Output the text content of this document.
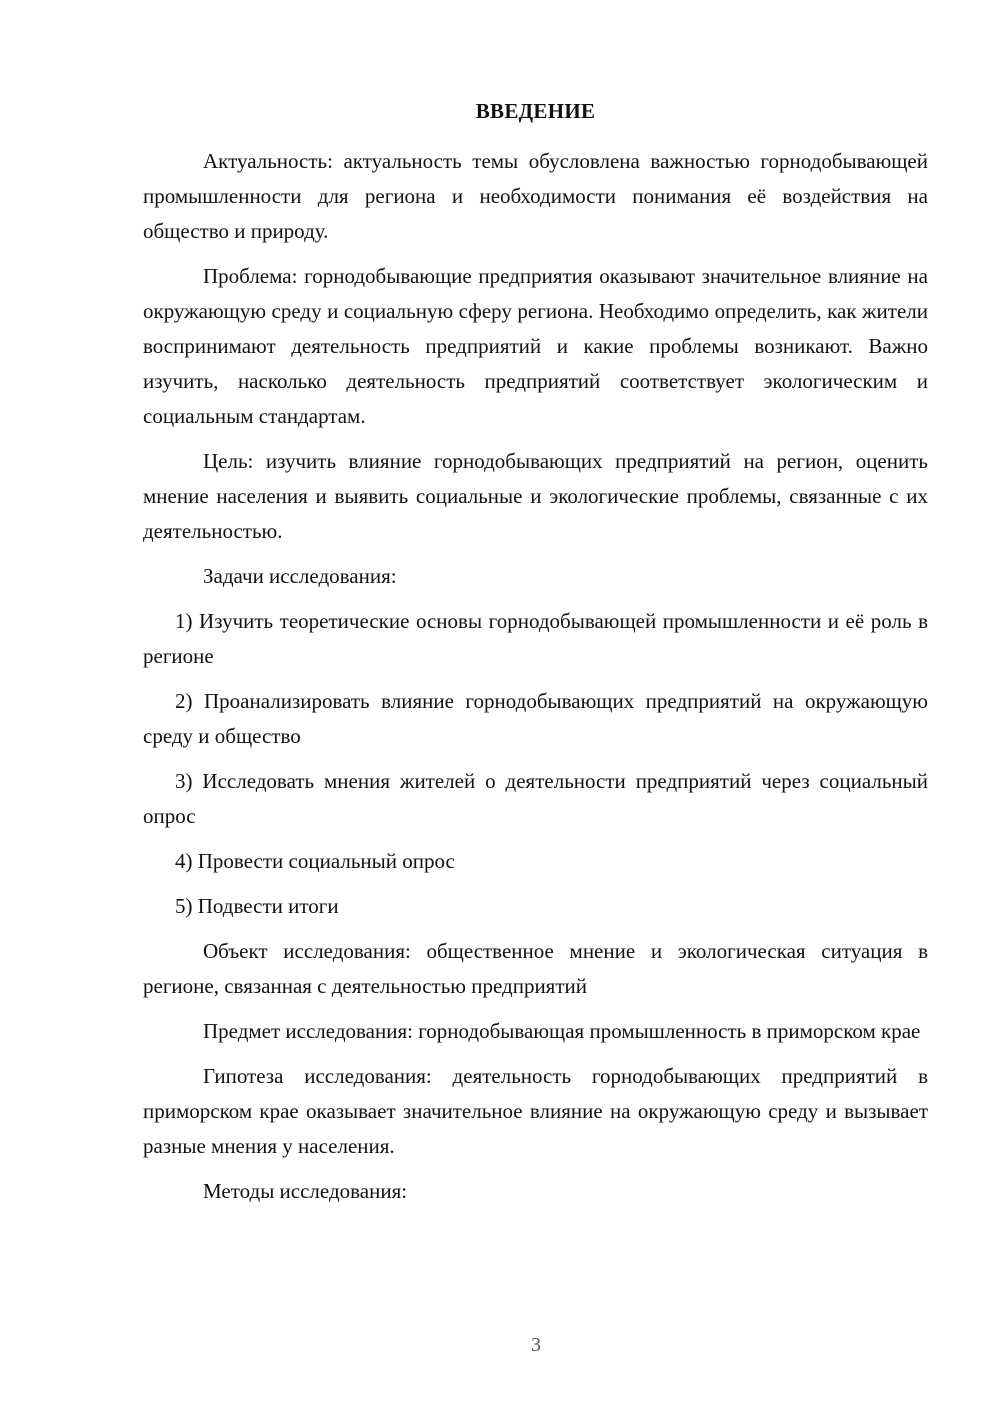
ВВЕДЕНИЕ

Актуальность: актуальность темы обусловлена важностью горнодобывающей промышленности для региона и необходимости понимания её воздействия на общество и природу.

Проблема: горнодобывающие предприятия оказывают значительное влияние на окружающую среду и социальную сферу региона. Необходимо определить, как жители воспринимают деятельность предприятий и какие проблемы возникают. Важно изучить, насколько деятельность предприятий соответствует экологическим и социальным стандартам.

Цель: изучить влияние горнодобывающих предприятий на регион, оценить мнение населения и выявить социальные и экологические проблемы, связанные с их деятельностью.

Задачи исследования:

1) Изучить теоретические основы горнодобывающей промышленности и её роль в регионе

2) Проанализировать влияние горнодобывающих предприятий на окружающую среду и общество

3) Исследовать мнения жителей о деятельности предприятий через социальный опрос

4) Провести социальный опрос

5) Подвести итоги

Объект исследования: общественное мнение и экологическая ситуация в регионе, связанная с деятельностью предприятий

Предмет исследования: горнодобывающая промышленность в приморском крае

Гипотеза исследования: деятельность горнодобывающих предприятий в приморском крае оказывает значительное влияние на окружающую среду и вызывает разные мнения у населения.

Методы исследования:

3
